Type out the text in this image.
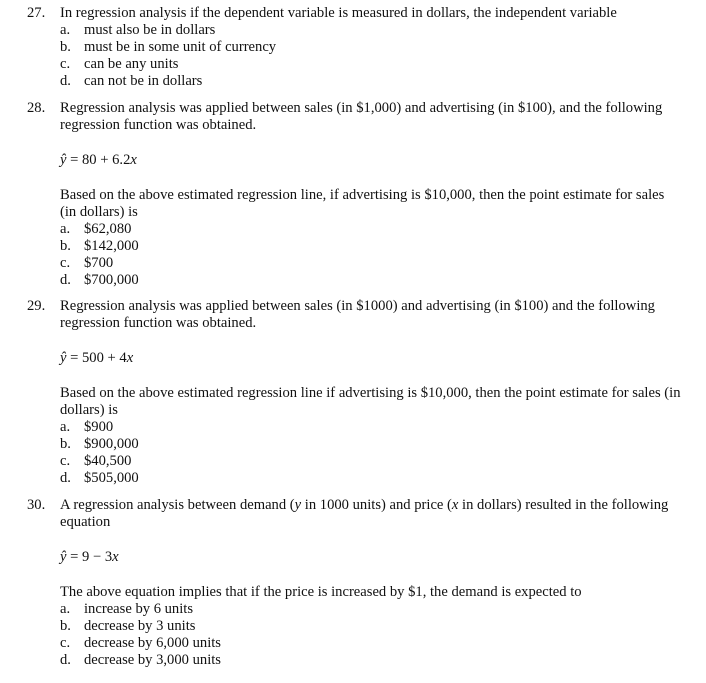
27. In regression analysis if the dependent variable is measured in dollars, the independent variable
a. must also be in dollars
b. must be in some unit of currency
c. can be any units
d. can not be in dollars
28. Regression analysis was applied between sales (in $1,000) and advertising (in $100), and the following
regression function was obtained.
ŷ = 80 + 6.2x
Based on the above estimated regression line, if advertising is $10,000, then the point estimate for sales
(in dollars) is
a. $62,080
b. $142,000
c. $700
d. $700,000
29. Regression analysis was applied between sales (in $1000) and advertising (in $100) and the following
regression function was obtained.
ŷ = 500 + 4x
Based on the above estimated regression line if advertising is $10,000, then the point estimate for sales (in
dollars) is
a. $900
b. $900,000
c. $40,500
d. $505,000
30. A regression analysis between demand (y in 1000 units) and price (x in dollars) resulted in the following
equation
ŷ = 9 − 3x
The above equation implies that if the price is increased by $1, the demand is expected to
a. increase by 6 units
b. decrease by 3 units
c. decrease by 6,000 units
d. decrease by 3,000 units
